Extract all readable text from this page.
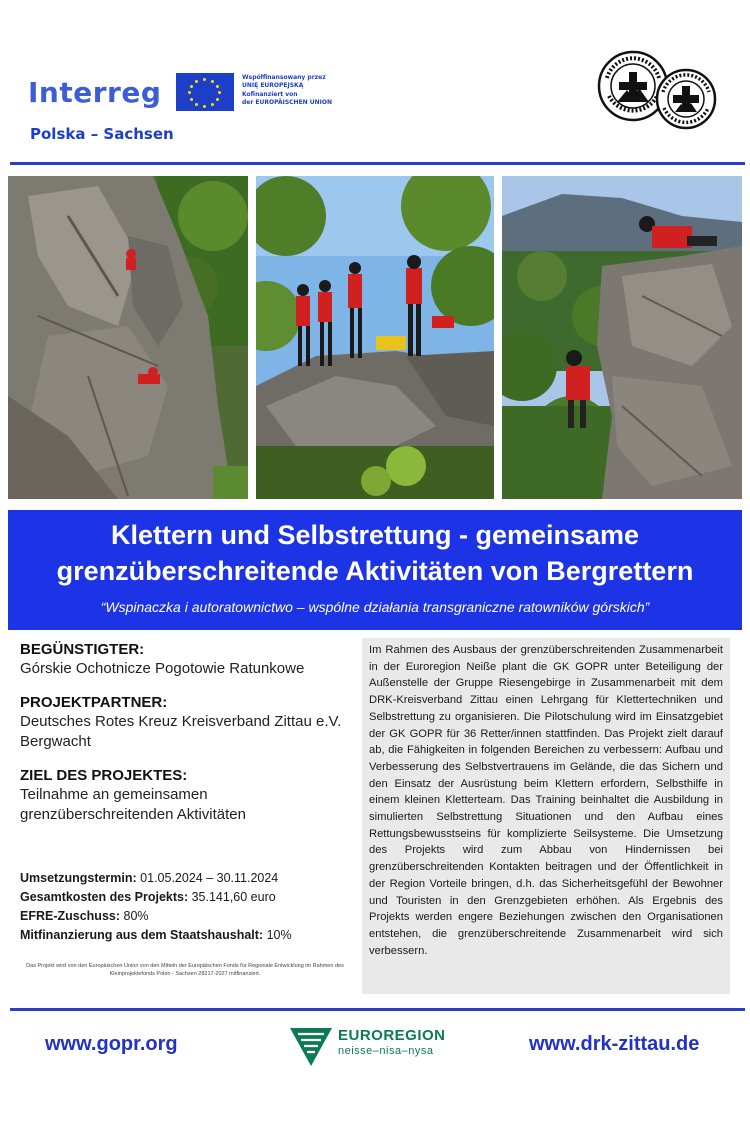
Interreg	Współfinansowany przez
UNIĘ EUROPEJSKĄ
Kofinanziert von
der EUROPÄISCHEN UNION
Polska – Sachsen
Klettern und Selbstrettung - gemeinsame
grenzüberschreitende Aktivitäten von Bergrettern
“Wspinaczka i autoratownictwo – wspólne działania transgraniczne ratowników górskich”
BEGÜNSTIGTER:
Górskie Ochotnicze Pogotowie Ratunkowe
PROJEKTPARTNER:
Deutsches Rotes Kreuz Kreisverband Zittau e.V. Bergwacht
ZIEL DES PROJEKTES:
Teilnahme an gemeinsamen grenzüberschreitenden Aktivitäten
Umsetzungstermin: 01.05.2024 – 30.11.2024
Gesamtkosten des Projekts: 35.141,60 euro
EFRE-Zuschuss: 80%
Mitfinanzierung aus dem Staatshaushalt: 10%
Das Projekt wird von den Europäischen Union von den Mitteln der Europäischen Fonds für Regionale Entwicklung im Rahmen des Kleinprojektefonds Polen - Sachsen 28217-2027 mitfinanziert.

Im Rahmen des Ausbaus der grenzüberschreitenden Zusammenarbeit in der Euroregion Neiße plant die GK GOPR unter Beteiligung der Außenstelle der Gruppe Riesengebirge in Zusammenarbeit mit dem DRK-Kreisverband Zittau einen Lehrgang für Klettertechniken und Selbstrettung zu organisieren. Die Pilotschulung wird im Einsatzgebiet der GK GOPR für 36 Retter/innen stattfinden. Das Projekt zielt darauf ab, die Fähigkeiten in folgenden Bereichen zu verbessern: Aufbau und Verbesserung des Selbstvertrauens im Gelände, die das Sichern und den Einsatz der Ausrüstung beim Klettern erfordern, Selbsthilfe in einem kleinen Kletterteam. Das Training beinhaltet die Ausbildung in simulierten Selbstrettung Situationen und den Aufbau eines Rettungsbewusstseins für komplizierte Seilsysteme. Die Umsetzung des Projekts wird zum Abbau von Hindernissen bei grenzüberschreitenden Kontakten beitragen und der Öffentlichkeit in der Region Vorteile bringen, d.h. das Sicherheitsgefühl der Bewohner und Touristen in den Grenzgebieten erhöhen. Als Ergebnis des Projekts werden engere Beziehungen zwischen den Organisationen entstehen, die grenzüberschreitende Zusammenarbeit wird sich verbessern.

www.gopr.org	EUROREGION
neisse–nisa–nysa	www.drk-zittau.de
